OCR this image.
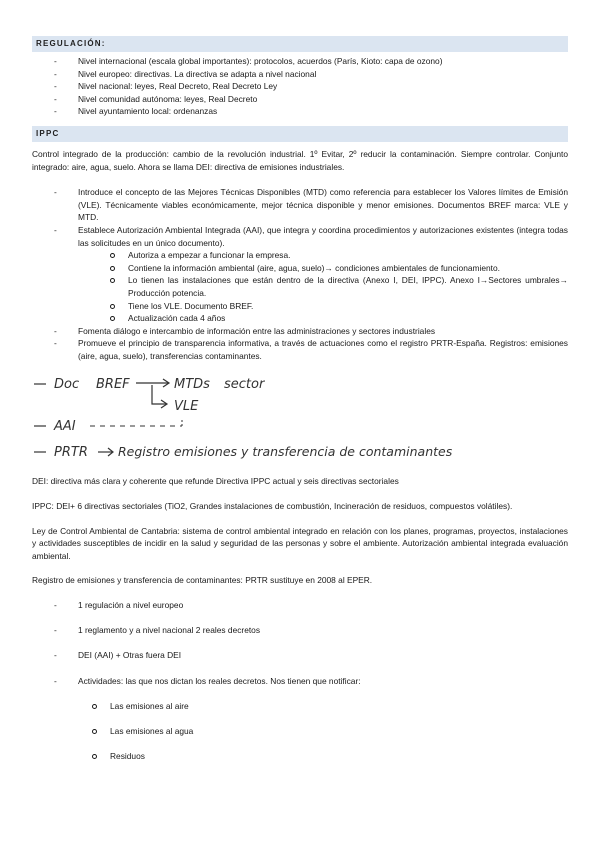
REGULACIÓN:
- Nivel internacional (escala global importantes): protocolos, acuerdos (París, Kioto: capa de ozono)
- Nivel europeo: directivas. La directiva se adapta a nivel nacional
- Nivel nacional: leyes, Real Decreto, Real Decreto Ley
- Nivel comunidad autónoma: leyes, Real Decreto
- Nivel ayuntamiento local: ordenanzas
IPPC

Control integrado de la producción: cambio de la revolución industrial. 1º Evitar, 2º reducir la contaminación. Siempre controlar. Conjunto integrado: aire, agua, suelo. Ahora se llama DEI: directiva de emisiones industriales.

- Introduce el concepto de las Mejores Técnicas Disponibles (MTD) como referencia para establecer los Valores límites de Emisión (VLE). Técnicamente viables económicamente, mejor técnica disponible y menor emisiones. Documentos BREF marca: VLE y MTD.
- Establece Autorización Ambiental Integrada (AAI), que integra y coordina procedimientos y autorizaciones existentes (integra todas las solicitudes en un único documento).
Autoriza a empezar a funcionar la empresa.
Contiene la información ambiental (aire, agua, suelo)→ condiciones ambientales de funcionamiento.
Lo tienen las instalaciones que están dentro de la directiva (Anexo I, DEI, IPPC). Anexo I→Sectores umbrales→ Producción potencia.
Tiene los VLE. Documento BREF.
Actualización cada 4 años
- Fomenta diálogo e intercambio de información entre las administraciones y sectores industriales
- Promueve el principio de transparencia informativa, a través de actuaciones como el registro PRTR-España. Registros: emisiones (aire, agua, suelo), transferencias contaminantes.
Doc BREF	MTDs sector
VLE
AAI
PRTR Registro emisiones y transferencia de contaminantes

DEI: directiva más clara y coherente que refunde Directiva IPPC actual y seis directivas sectoriales

IPPC: DEI+ 6 directivas sectoriales (TiO2, Grandes instalaciones de combustión, Incineración de residuos, compuestos volátiles).

Ley de Control Ambiental de Cantabria: sistema de control ambiental integrado en relación con los planes, programas, proyectos, instalaciones y actividades susceptibles de incidir en la salud y seguridad de las personas y sobre el ambiente. Autorización ambiental integrada evaluación ambiental.

Registro de emisiones y transferencia de contaminantes: PRTR sustituye en 2008 al EPER.

- 1 regulación a nivel europeo
- 1 reglamento y a nivel nacional 2 reales decretos
- DEI (AAI) + Otras fuera DEI
- Actividades: las que nos dictan los reales decretos. Nos tienen que notificar:
Las emisiones al aire
Las emisiones al agua
Residuos
